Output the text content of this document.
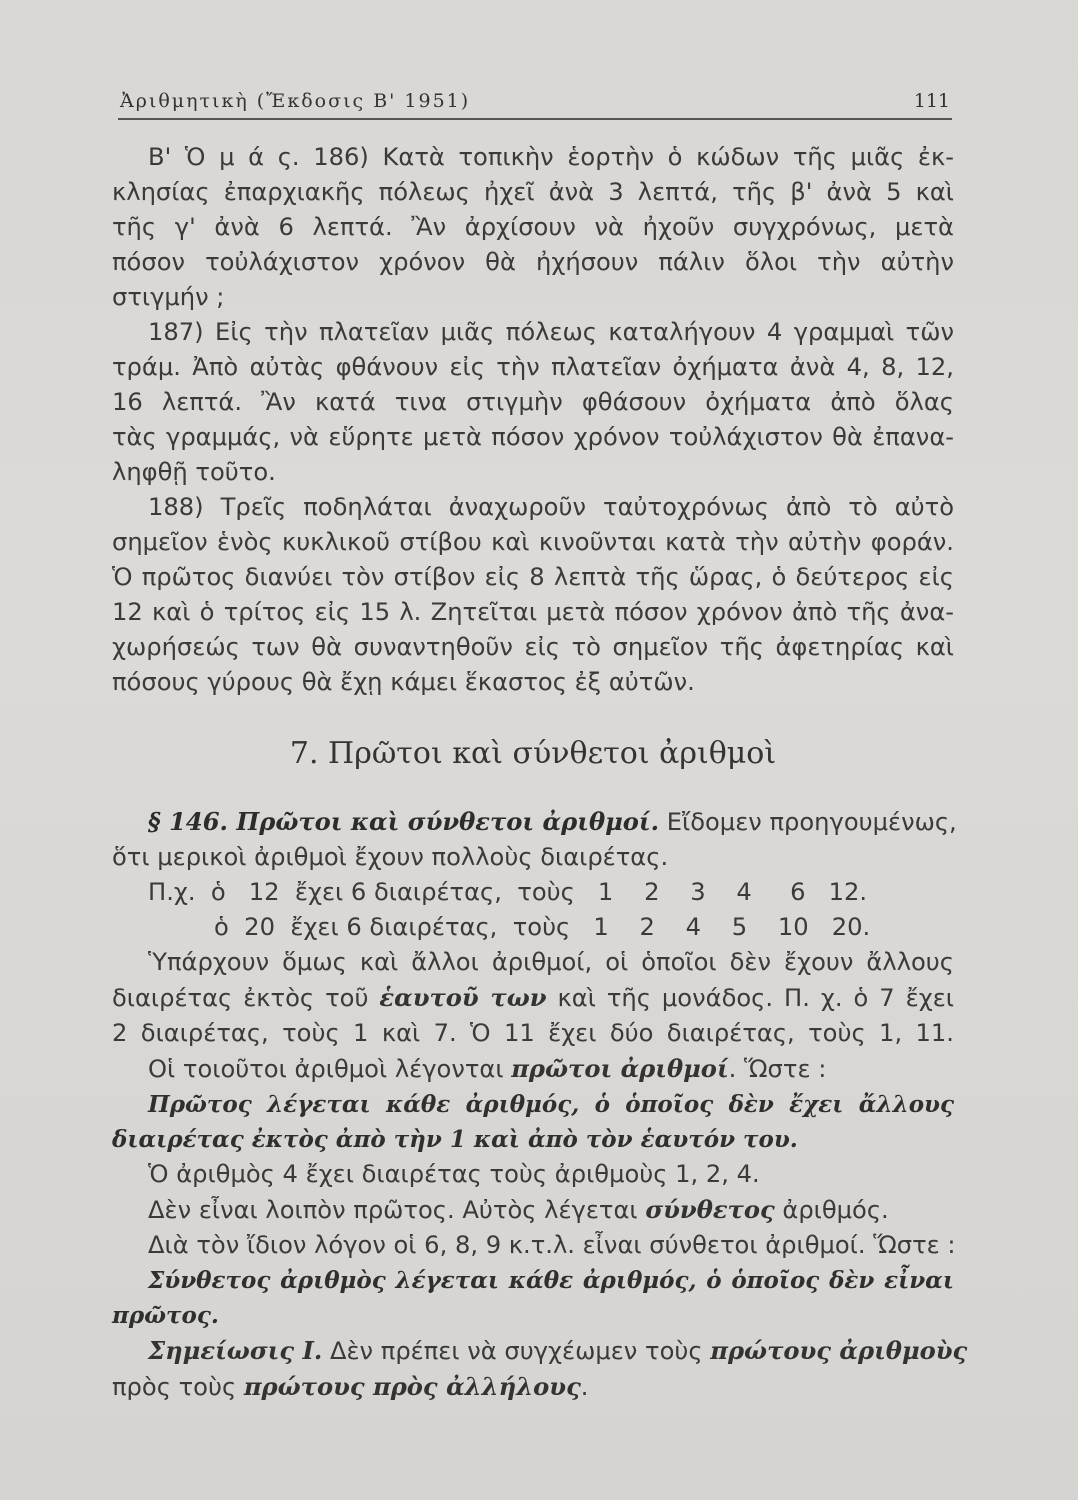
Ἀριθμητικὴ (Ἔκδοσις Β' 1951)	111
Β' Ὁ μ ά ς. 186) Κατὰ τοπικὴν ἑορτὴν ὁ κώδων τῆς μιᾶς ἐκ-
κλησίας ἐπαρχιακῆς πόλεως ἠχεῖ ἀνὰ 3 λεπτά, τῆς β' ἀνὰ 5 καὶ
τῆς γ' ἀνὰ 6 λεπτά. Ἂν ἀρχίσουν νὰ ἠχοῦν συγχρόνως, μετὰ
πόσον τοὐλάχιστον χρόνον θὰ ἠχήσουν πάλιν ὅλοι τὴν αὐτὴν
στιγμήν ;
187) Εἰς τὴν πλατεῖαν μιᾶς πόλεως καταλήγουν 4 γραμμαὶ τῶν
τράμ. Ἀπὸ αὐτὰς φθάνουν εἰς τὴν πλατεῖαν ὀχήματα ἀνὰ 4, 8, 12,
16 λεπτά. Ἂν κατά τινα στιγμὴν φθάσουν ὀχήματα ἀπὸ ὅλας
τὰς γραμμάς, νὰ εὕρητε μετὰ πόσον χρόνον τοὐλάχιστον θὰ ἐπανα-
ληφθῇ τοῦτο.
188) Τρεῖς ποδηλάται ἀναχωροῦν ταὐτοχρόνως ἀπὸ τὸ αὐτὸ
σημεῖον ἑνὸς κυκλικοῦ στίβου καὶ κινοῦνται κατὰ τὴν αὐτὴν φοράν.
Ὁ πρῶτος διανύει τὸν στίβον εἰς 8 λεπτὰ τῆς ὥρας, ὁ δεύτερος εἰς
12 καὶ ὁ τρίτος εἰς 15 λ. Ζητεῖται μετὰ πόσον χρόνον ἀπὸ τῆς ἀνα-
χωρήσεώς των θὰ συναντηθοῦν εἰς τὸ σημεῖον τῆς ἀφετηρίας καὶ
πόσους γύρους θὰ ἔχῃ κάμει ἕκαστος ἐξ αὐτῶν.
7. Πρῶτοι καὶ σύνθετοι ἀριθμοὶ
§ 146. Πρῶτοι καὶ σύνθετοι ἀριθμοί. Εἴδομεν προηγουμένως,
ὅτι μερικοὶ ἀριθμοὶ ἔχουν πολλοὺς διαιρέτας.
Π.χ.  ὁ   12  ἔχει 6 διαιρέτας,  τοὺς   1    2    3    4     6   12.
ὁ  20  ἔχει 6 διαιρέτας,  τοὺς   1    2    4    5    10   20.
Ὑπάρχουν ὅμως καὶ ἄλλοι ἀριθμοί, οἱ ὁποῖοι δὲν ἔχουν ἄλλους
διαιρέτας ἐκτὸς τοῦ ἑαυτοῦ των καὶ τῆς μονάδος. Π. χ. ὁ 7 ἔχει
2 διαιρέτας, τοὺς 1 καὶ 7. Ὁ 11 ἔχει δύο διαιρέτας, τοὺς 1, 11.
Οἱ τοιοῦτοι ἀριθμοὶ λέγονται πρῶτοι ἀριθμοί. Ὥστε :
Πρῶτος λέγεται κάθε ἀριθμός, ὁ ὁποῖος δὲν ἔχει ἄλλους
διαιρέτας ἐκτὸς ἀπὸ τὴν 1 καὶ ἀπὸ τὸν ἑαυτόν του.
Ὁ ἀριθμὸς 4 ἔχει διαιρέτας τοὺς ἀριθμοὺς 1, 2, 4.
Δὲν εἶναι λοιπὸν πρῶτος. Αὐτὸς λέγεται σύνθετος ἀριθμός.
Διὰ τὸν ἴδιον λόγον οἱ 6, 8, 9 κ.τ.λ. εἶναι σύνθετοι ἀριθμοί. Ὥστε :
Σύνθετος ἀριθμὸς λέγεται κάθε ἀριθμός, ὁ ὁποῖος δὲν εἶναι
πρῶτος.
Σημείωσις Ι. Δὲν πρέπει νὰ συγχέωμεν τοὺς πρώτους ἀριθμοὺς
πρὸς τοὺς πρώτους πρὸς ἀλλήλους.
